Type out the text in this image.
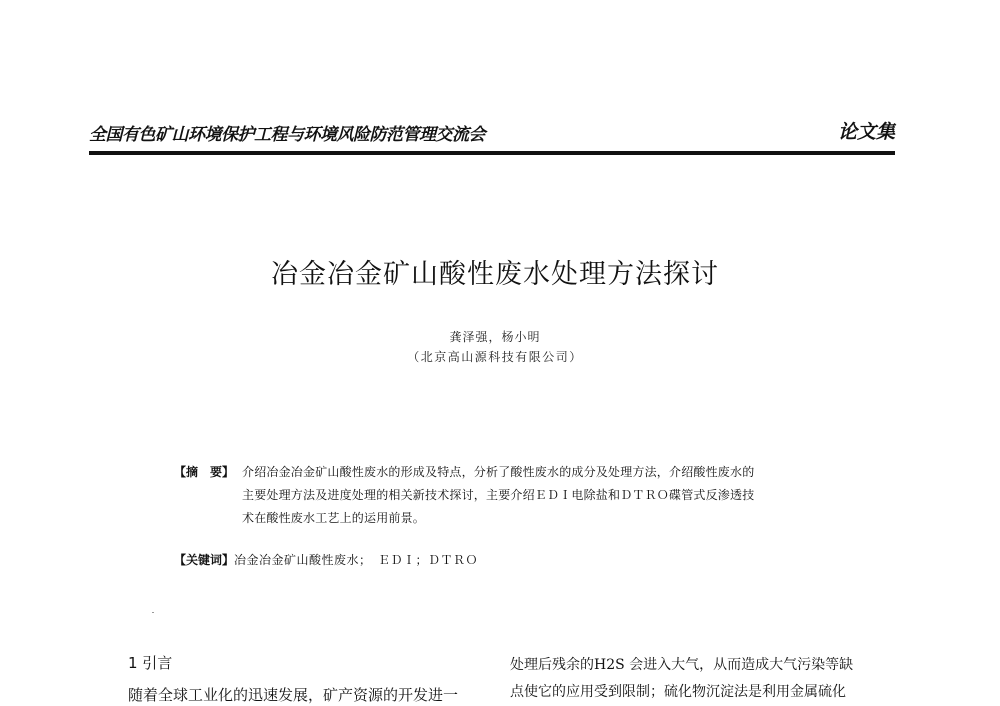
全国有色矿山环境保护工程与环境风险防范管理交流会	论文集
冶金冶金矿山酸性废水处理方法探讨
龚泽强，杨小明
（北京高山源科技有限公司）
【摘　要】 介绍冶金冶金矿山酸性废水的形成及特点，分析了酸性废水的成分及处理方法，介绍酸性废水的
主要处理方法及进度处理的相关新技术探讨，主要介绍ＥＤＩ电除盐和ＤＴＲＯ碟管式反渗透技
术在酸性废水工艺上的运用前景。
【关键词】冶金冶金矿山酸性废水；　ＥＤＩ；ＤＴＲＯ
1 引言
随着全球工业化的迅速发展，矿产资源的开发进一
处理后残余的H2S 会进入大气，从而造成大气污染等缺
点使它的应用受到限制；硫化物沉淀法是利用金属硫化
